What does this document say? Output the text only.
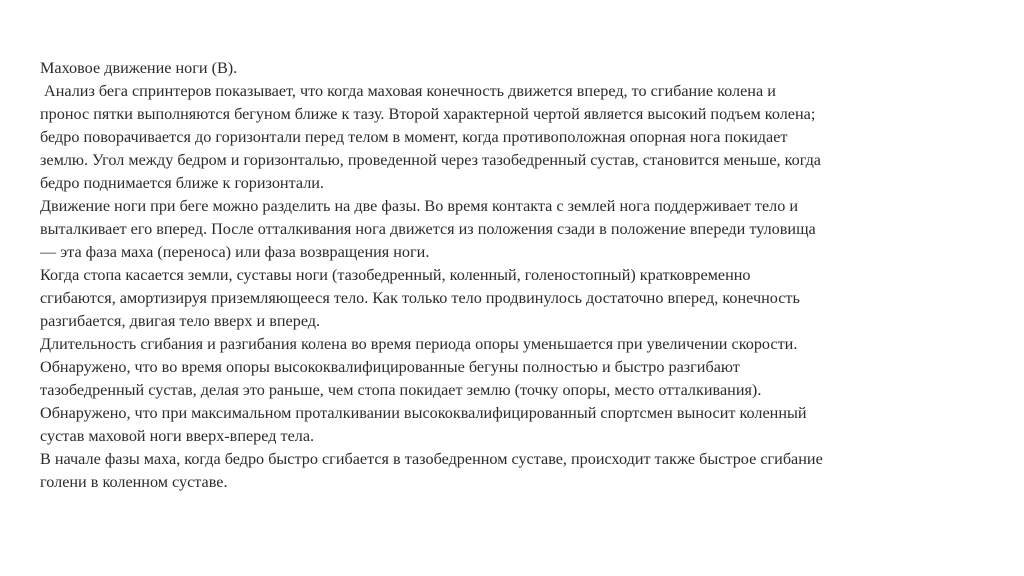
Маховое движение ноги (В).
Анализ бега спринтеров показывает, что когда маховая конечность движется вперед, то сгибание колена и
пронос пятки выполняются бегуном ближе к тазу. Второй характерной чертой является высокий подъем колена;
бедро поворачивается до горизонтали перед телом в момент, когда противоположная опорная нога покидает
землю. Угол между бедром и горизонталью, проведенной через тазобедренный сустав, становится меньше, когда
бедро поднимается ближе к горизонтали.
Движение ноги при беге можно разделить на две фазы. Во время контакта с землей нога поддерживает тело и
выталкивает его вперед. После отталкивания нога движется из положения сзади в положение впереди туловища
— эта фаза маха (переноса) или фаза возвращения ноги.
Когда стопа касается земли, суставы ноги (тазобедренный, коленный, голеностопный) кратковременно
сгибаются, амортизируя приземляющееся тело. Как только тело продвинулось достаточно вперед, конечность
разгибается, двигая тело вверх и вперед.
Длительность сгибания и разгибания колена во время периода опоры уменьшается при увеличении скорости.
Обнаружено, что во время опоры высококвалифицированные бегуны полностью и быстро разгибают
тазобедренный сустав, делая это раньше, чем стопа покидает землю (точку опоры, место отталкивания).
Обнаружено, что при максимальном проталкивании высококвалифицированный спортсмен выносит коленный
сустав маховой ноги вверх-вперед тела.
В начале фазы маха, когда бедро быстро сгибается в тазобедренном суставе, происходит также быстрое сгибание
голени в коленном суставе.
